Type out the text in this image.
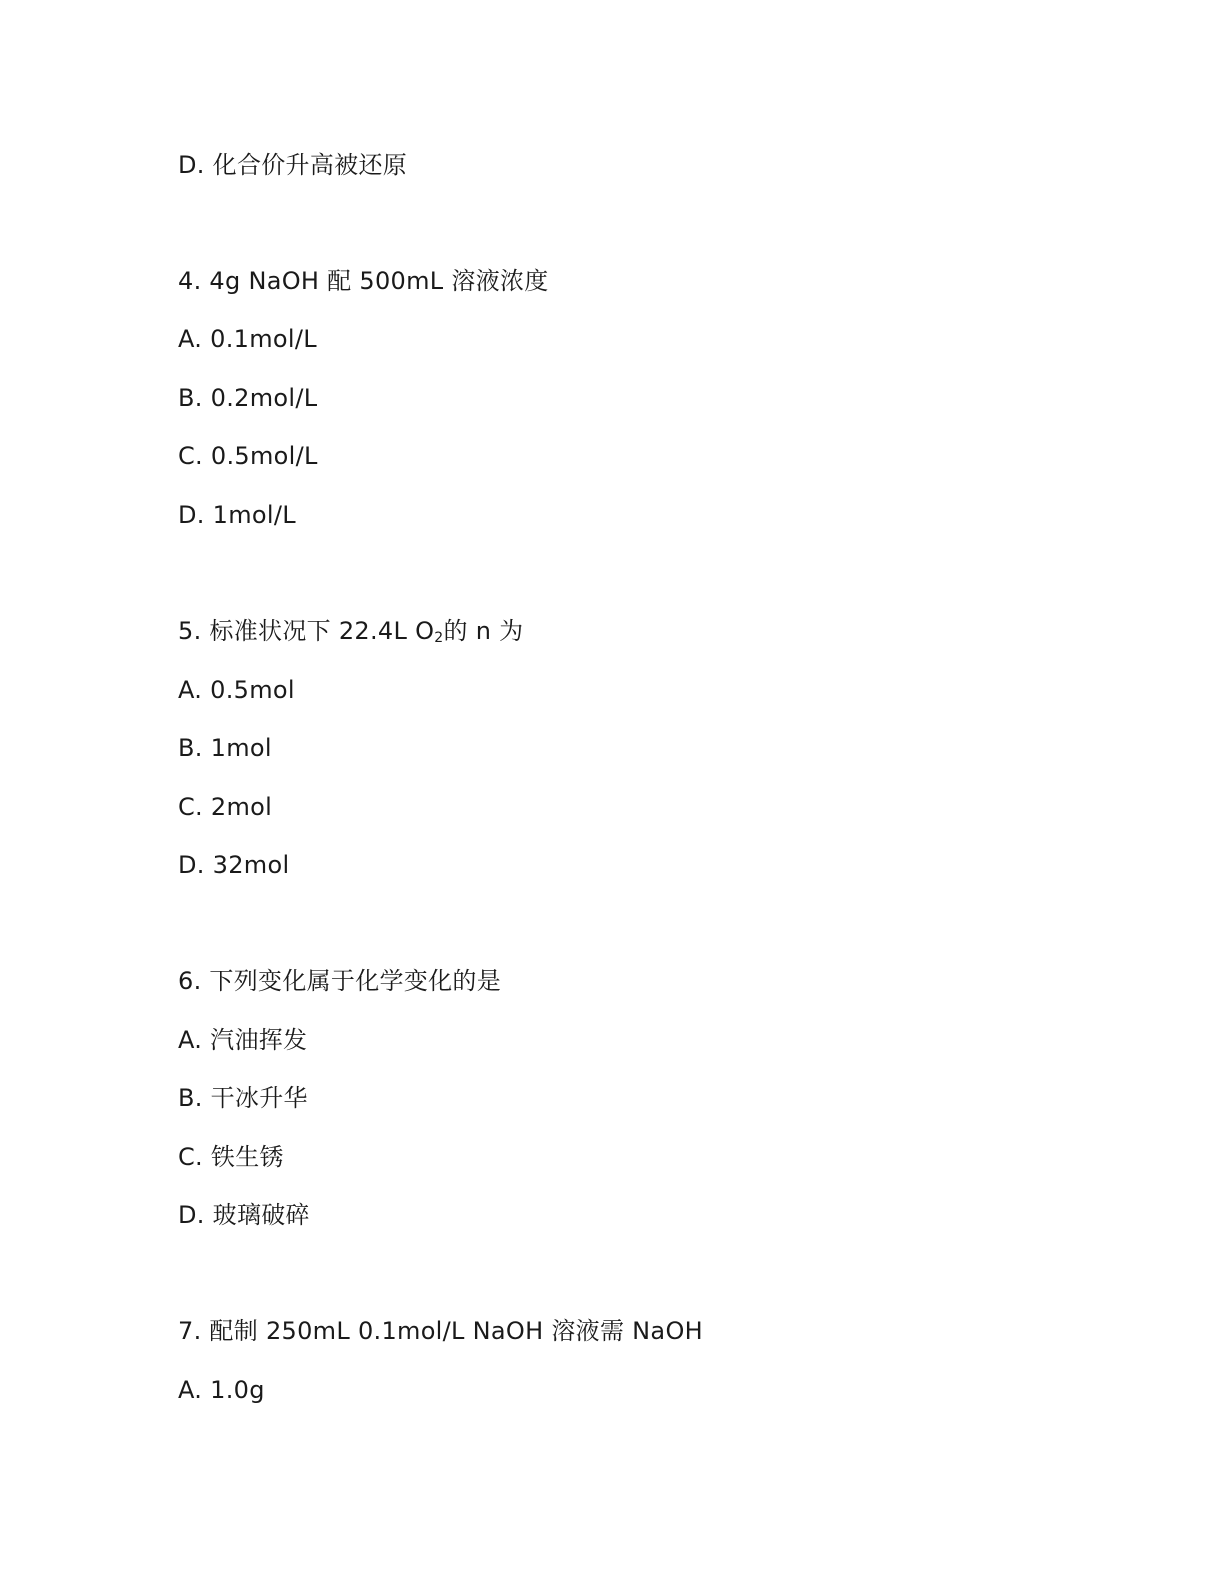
D. 化合价升高被还原
4. 4g NaOH 配 500mL 溶液浓度
A. 0.1mol/L
B. 0.2mol/L
C. 0.5mol/L
D. 1mol/L
5. 标准状况下 22.4L $O_2$的 n 为
A. 0.5mol
B. 1mol
C. 2mol
D. 32mol
6. 下列变化属于化学变化的是
A. 汽油挥发
B. 干冰升华
C. 铁生锈
D. 玻璃破碎
7. 配制 250mL 0.1mol/L NaOH 溶液需 NaOH
A. 1.0g
